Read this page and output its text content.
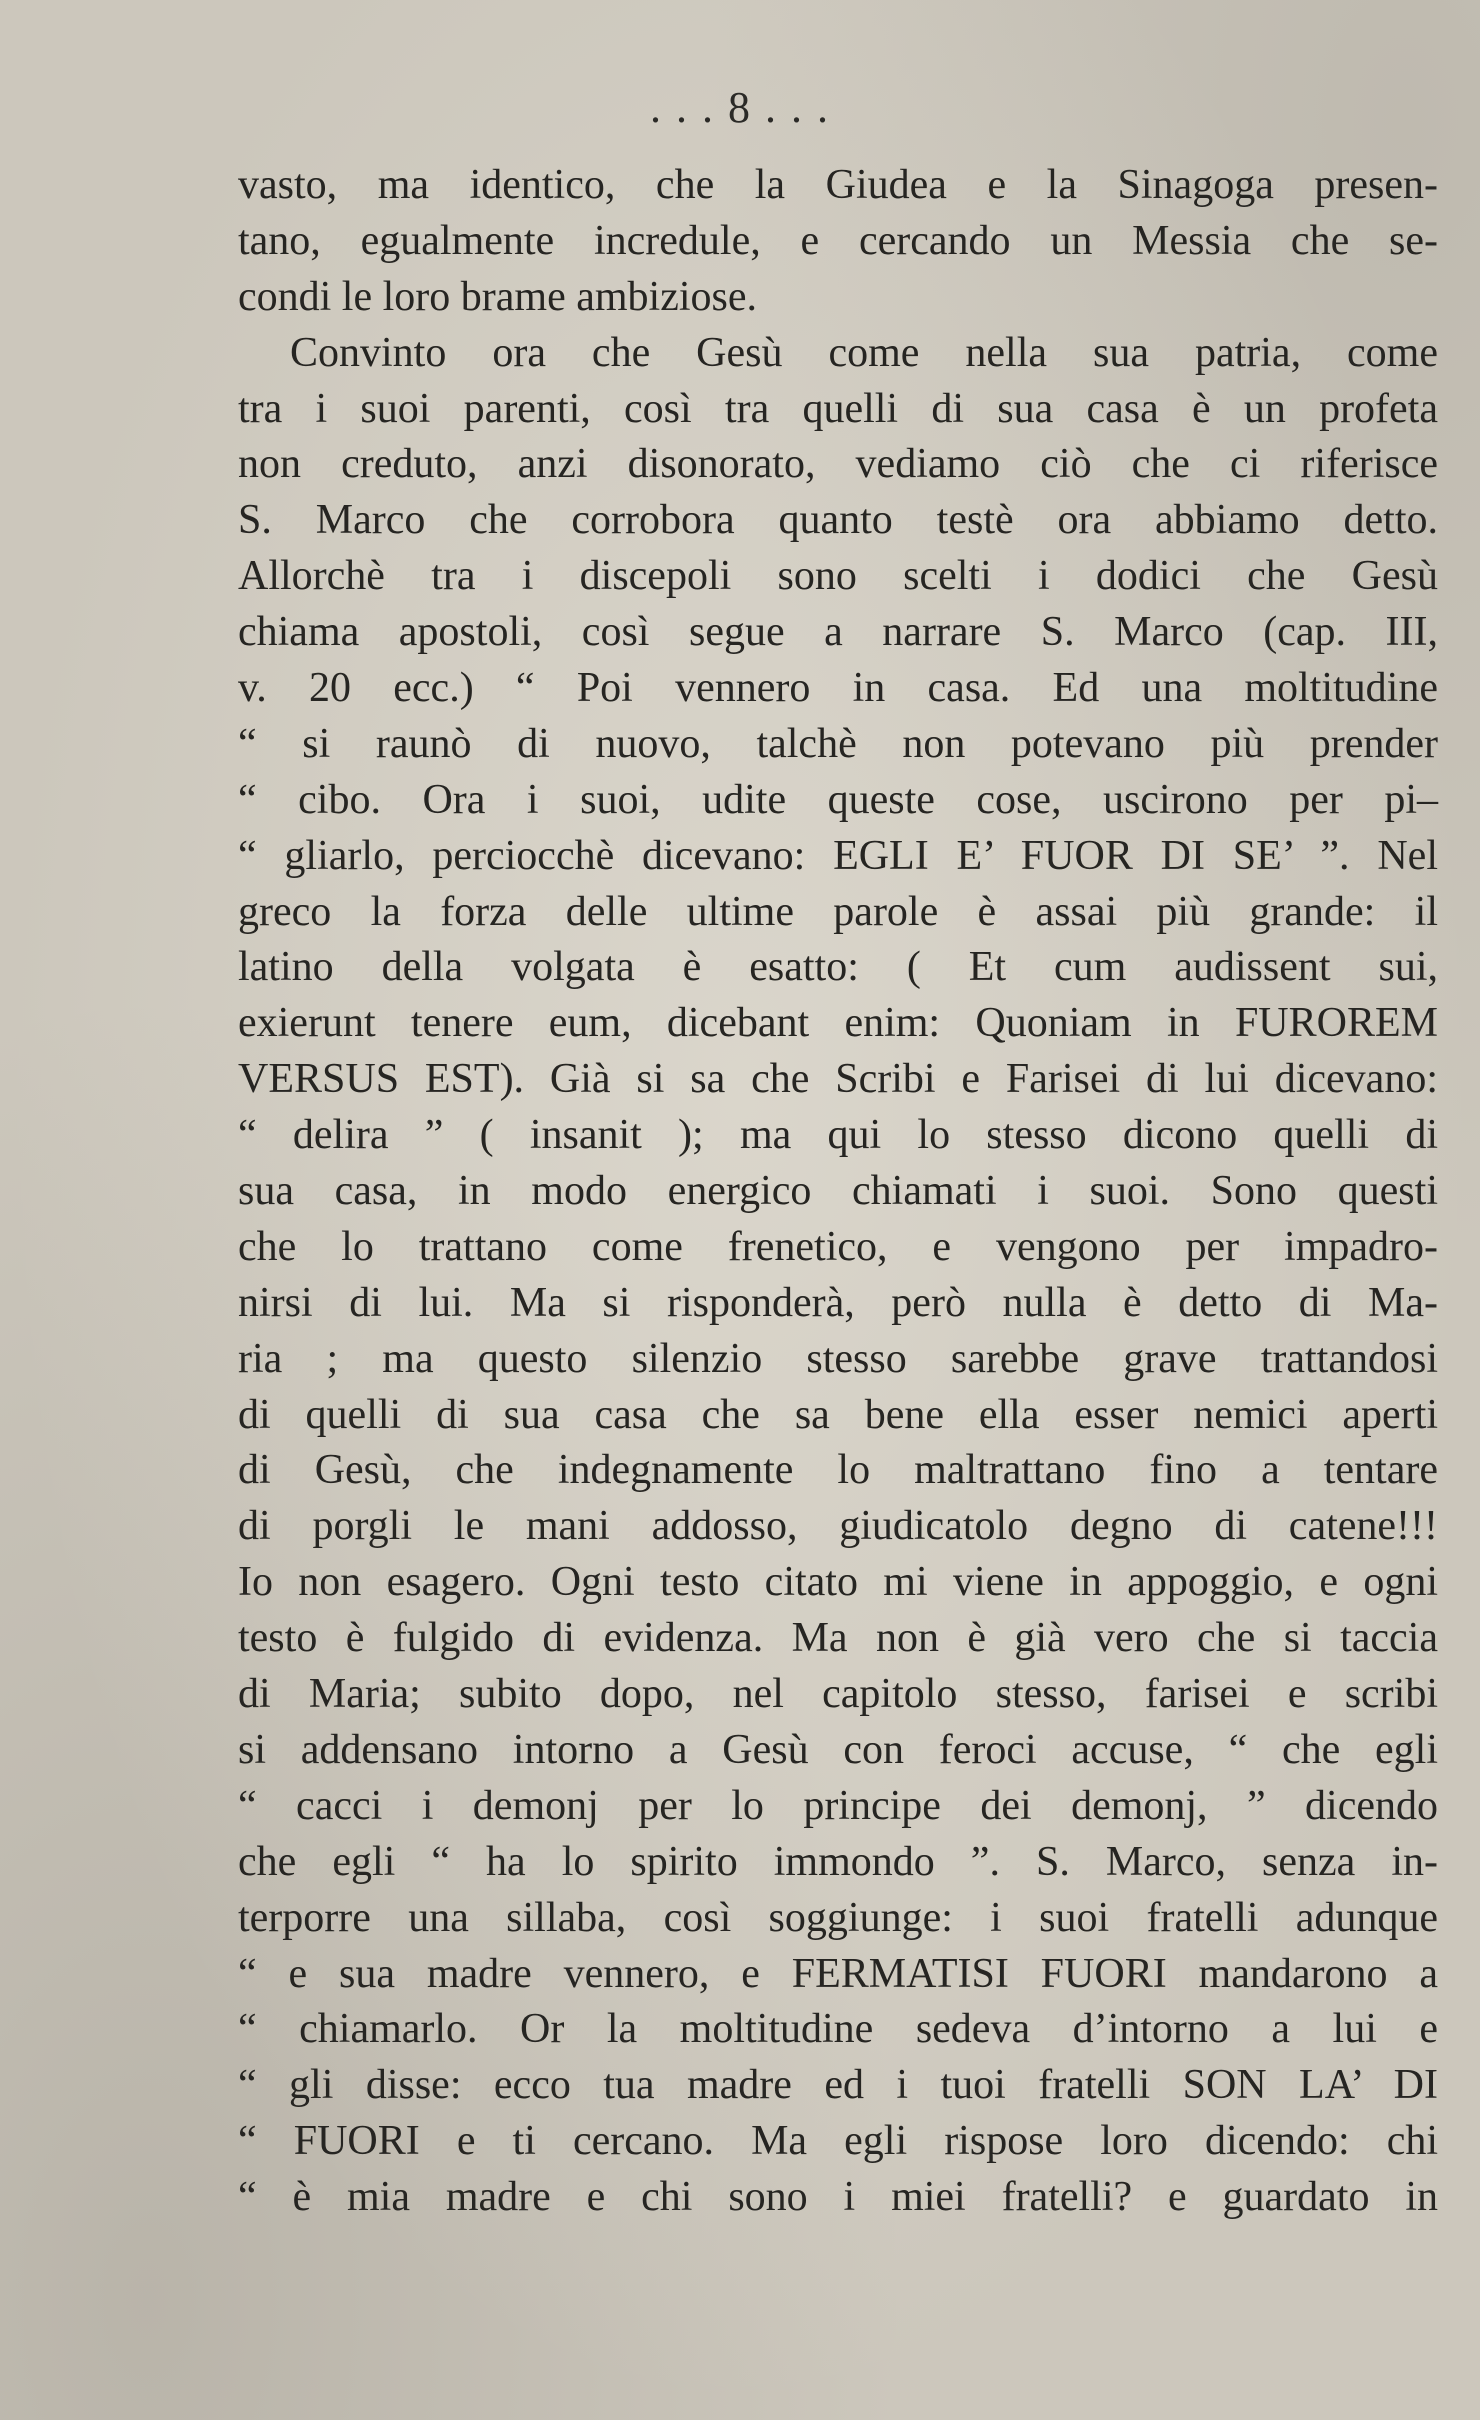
. . . 8 . . .
vasto, ma identico, che la Giudea e la Sinagoga presen-
tano, egualmente incredule, e cercando un Messia che se-
condi le loro brame ambiziose.
Convinto ora che Gesù come nella sua patria, come
tra i suoi parenti, così tra quelli di sua casa è un profeta
non creduto, anzi disonorato, vediamo ciò che ci riferisce
S. Marco che corrobora quanto testè ora abbiamo detto.
Allorchè tra i discepoli sono scelti i dodici che Gesù
chiama apostoli, così segue a narrare S. Marco (cap. III,
v. 20 ecc.) “ Poi vennero in casa. Ed una moltitudine
“ si raunò di nuovo, talchè non potevano più prender
“ cibo. Ora i suoi, udite queste cose, uscirono per pi–
“ gliarlo, perciocchè dicevano: EGLI E’ FUOR DI SE’ ”. Nel
greco la forza delle ultime parole è assai più grande: il
latino della volgata è esatto: ( Et cum audissent sui,
exierunt tenere eum, dicebant enim: Quoniam in FUROREM
VERSUS EST). Già si sa che Scribi e Farisei di lui dicevano:
“ delira ” ( insanit ); ma qui lo stesso dicono quelli di
sua casa, in modo energico chiamati i suoi. Sono questi
che lo trattano come frenetico, e vengono per impadro-
nirsi di lui. Ma si risponderà, però nulla è detto di Ma-
ria ; ma questo silenzio stesso sarebbe grave trattandosi
di quelli di sua casa che sa bene ella esser nemici aperti
di Gesù, che indegnamente lo maltrattano fino a tentare
di porgli le mani addosso, giudicatolo degno di catene!!!
Io non esagero. Ogni testo citato mi viene in appoggio, e ogni
testo è fulgido di evidenza. Ma non è già vero che si taccia
di Maria; subito dopo, nel capitolo stesso, farisei e scribi
si addensano intorno a Gesù con feroci accuse, “ che egli
“ cacci i demonj per lo principe dei demonj, ” dicendo
che egli “ ha lo spirito immondo ”. S. Marco, senza in-
terporre una sillaba, così soggiunge: i suoi fratelli adunque
“ e sua madre vennero, e FERMATISI FUORI mandarono a
“ chiamarlo. Or la moltitudine sedeva d’intorno a lui e
“ gli disse: ecco tua madre ed i tuoi fratelli SON LA’ DI
“ FUORI e ti cercano. Ma egli rispose loro dicendo: chi
“ è mia madre e chi sono i miei fratelli? e guardato in
